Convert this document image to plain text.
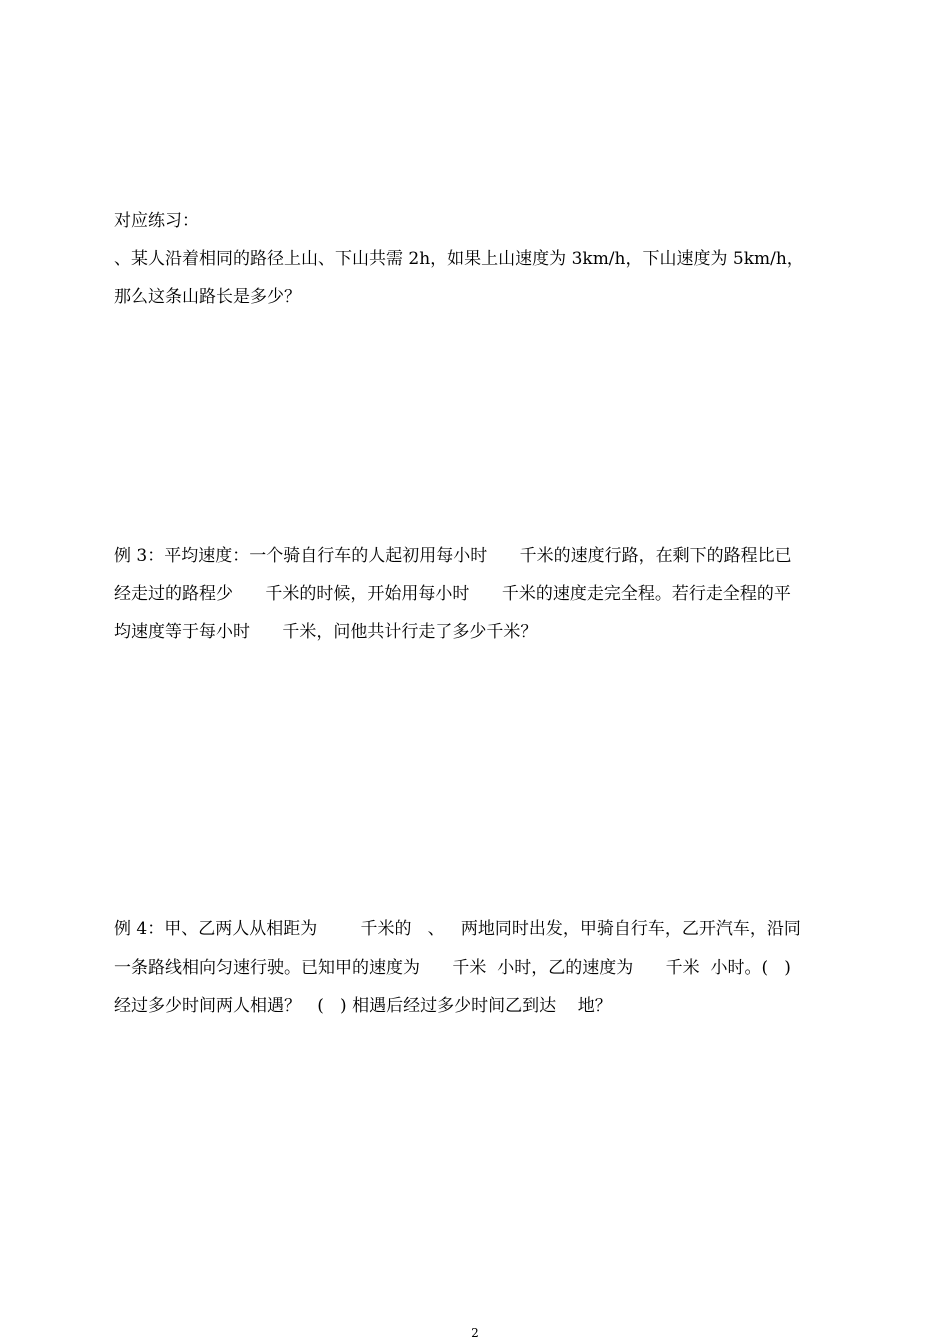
对应练习：
、某人沿着相同的路径上山、下山共需 2h，如果上山速度为 3km/h，下山速度为 5km/h，
那么这条山路长是多少？
例 3：平均速度：一个骑自行车的人起初用每小时      千米的速度行路，在剩下的路程比已
经走过的路程少      千米的时候，开始用每小时      千米的速度走完全程。若行走全程的平
均速度等于每小时      千米，问他共计行走了多少千米？
例 4：甲、乙两人从相距为        千米的   、   两地同时出发，甲骑自行车，乙开汽车，沿同
一条路线相向匀速行驶。已知甲的速度为      千米  小时，乙的速度为      千米  小时。(   )
经过多少时间两人相遇？   (   ) 相遇后经过多少时间乙到达    地？
2
